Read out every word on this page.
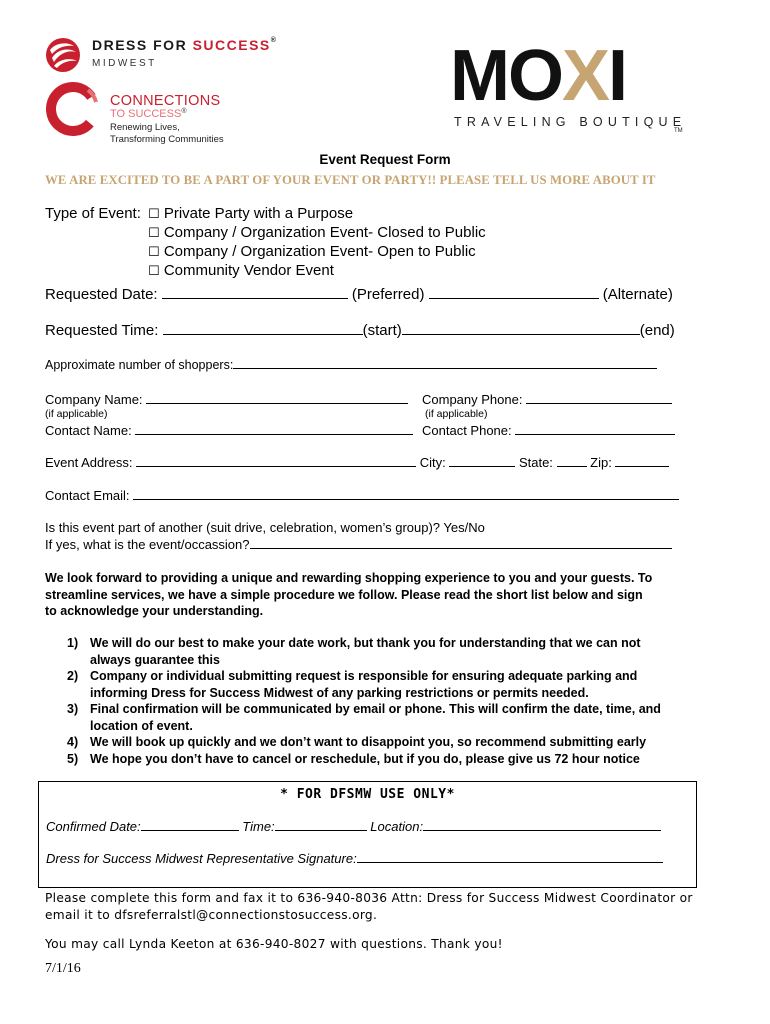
DRESS FOR SUCCESS®
MIDWEST
CONNECTIONS
TO SUCCESS®
Renewing Lives,
Transforming Communities
MOXI
TRAVELING BOUTIQUE
TM
Event Request Form
WE ARE EXCITED TO BE A PART OF YOUR EVENT OR PARTY!! PLEASE TELL US MORE ABOUT IT
Type of Event: ☐ Private Party with a Purpose
☐ Company / Organization Event- Closed to Public
☐ Company / Organization Event- Open to Public
☐ Community Vendor Event
Requested Date:	(Preferred)	(Alternate)
Requested Time:	(start)	(end)
Approximate number of shoppers:
Company Name:	Company Phone:
(if applicable)	(if applicable)
Contact Name:	Contact Phone:
Event Address:	City:	State:	Zip:
Contact Email:
Is this event part of another (suit drive, celebration, women’s group)? Yes/No
If yes, what is the event/occassion?
We look forward to providing a unique and rewarding shopping experience to you and your guests. To
streamline services, we have a simple procedure we follow. Please read the short list below and sign
to acknowledge your understanding.
1) We will do our best to make your date work, but thank you for understanding that we can not
always guarantee this
2) Company or individual submitting request is responsible for ensuring adequate parking and
informing Dress for Success Midwest of any parking restrictions or permits needed.
3) Final confirmation will be communicated by email or phone. This will confirm the date, time, and
location of event.
4) We will book up quickly and we don’t want to disappoint you, so recommend submitting early
5) We hope you don’t have to cancel or reschedule, but if you do, please give us 72 hour notice
* FOR DFSMW USE ONLY*
Confirmed Date:	Time:	Location:
Dress for Success Midwest Representative Signature:
Please complete this form and fax it to 636-940-8036 Attn: Dress for Success Midwest Coordinator or
email it to dfsreferralstl@connectionstosuccess.org.
You may call Lynda Keeton at 636-940-8027 with questions. Thank you!
7/1/16
